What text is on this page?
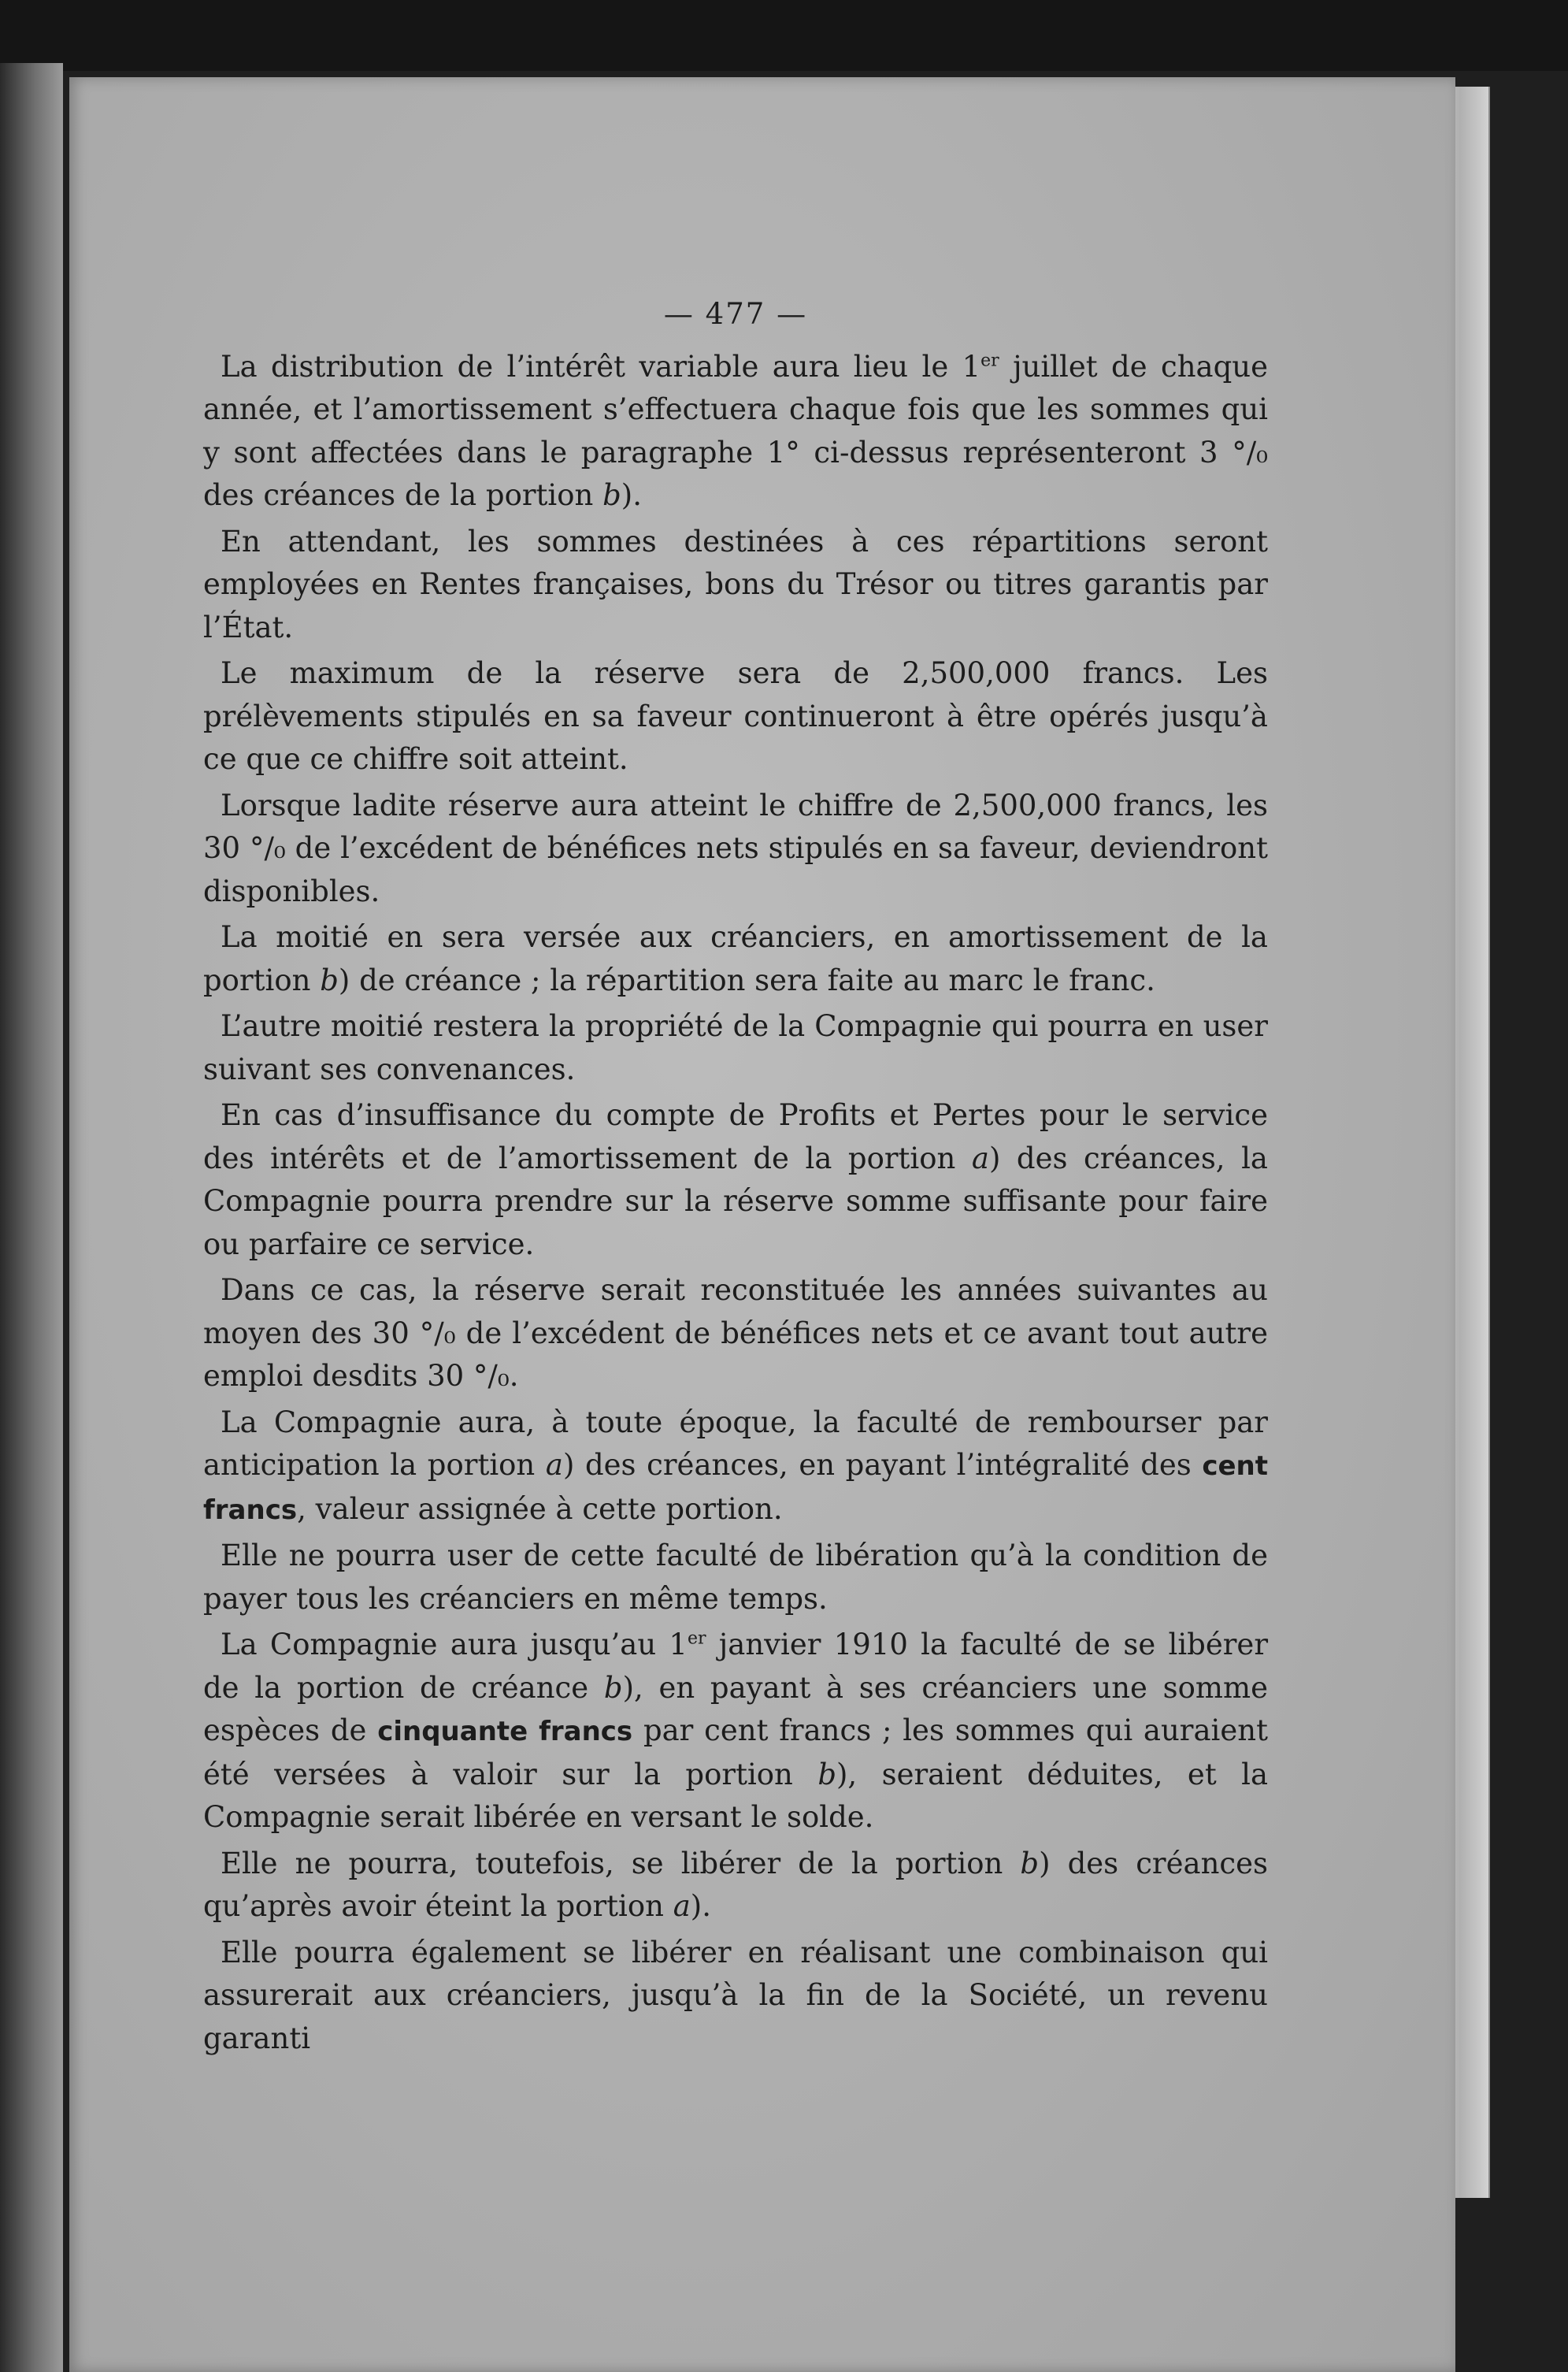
— 477 —

La distribution de l’intérêt variable aura lieu le 1er juillet de chaque année, et l’amortissement s’effectuera chaque fois que les sommes qui y sont affectées dans le paragraphe 1° ci-dessus représenteront 3 °/₀ des créances de la portion b).

En attendant, les sommes destinées à ces répartitions seront employées en Rentes françaises, bons du Trésor ou titres garantis par l’État.

Le maximum de la réserve sera de 2,500,000 francs. Les prélèvements stipulés en sa faveur continueront à être opérés jusqu’à ce que ce chiffre soit atteint.

Lorsque ladite réserve aura atteint le chiffre de 2,500,000 francs, les 30 °/₀ de l’excédent de bénéfices nets stipulés en sa faveur, deviendront disponibles.

La moitié en sera versée aux créanciers, en amortissement de la portion b) de créance ; la répartition sera faite au marc le franc.

L’autre moitié restera la propriété de la Compagnie qui pourra en user suivant ses convenances.

En cas d’insuffisance du compte de Profits et Pertes pour le service des intérêts et de l’amortissement de la portion a) des créances, la Compagnie pourra prendre sur la réserve somme suffisante pour faire ou parfaire ce service.

Dans ce cas, la réserve serait reconstituée les années suivantes au moyen des 30 °/₀ de l’excédent de bénéfices nets et ce avant tout autre emploi desdits 30 °/₀.

La Compagnie aura, à toute époque, la faculté de rembourser par anticipation la portion a) des créances, en payant l’intégralité des cent francs, valeur assignée à cette portion.

Elle ne pourra user de cette faculté de libération qu’à la condition de payer tous les créanciers en même temps.

La Compagnie aura jusqu’au 1er janvier 1910 la faculté de se libérer de la portion de créance b), en payant à ses créanciers une somme espèces de cinquante francs par cent francs ; les sommes qui auraient été versées à valoir sur la portion b), seraient déduites, et la Compagnie serait libérée en versant le solde.

Elle ne pourra, toutefois, se libérer de la portion b) des créances qu’après avoir éteint la portion a).

Elle pourra également se libérer en réalisant une combinaison qui assurerait aux créanciers, jusqu’à la fin de la Société, un revenu garanti
